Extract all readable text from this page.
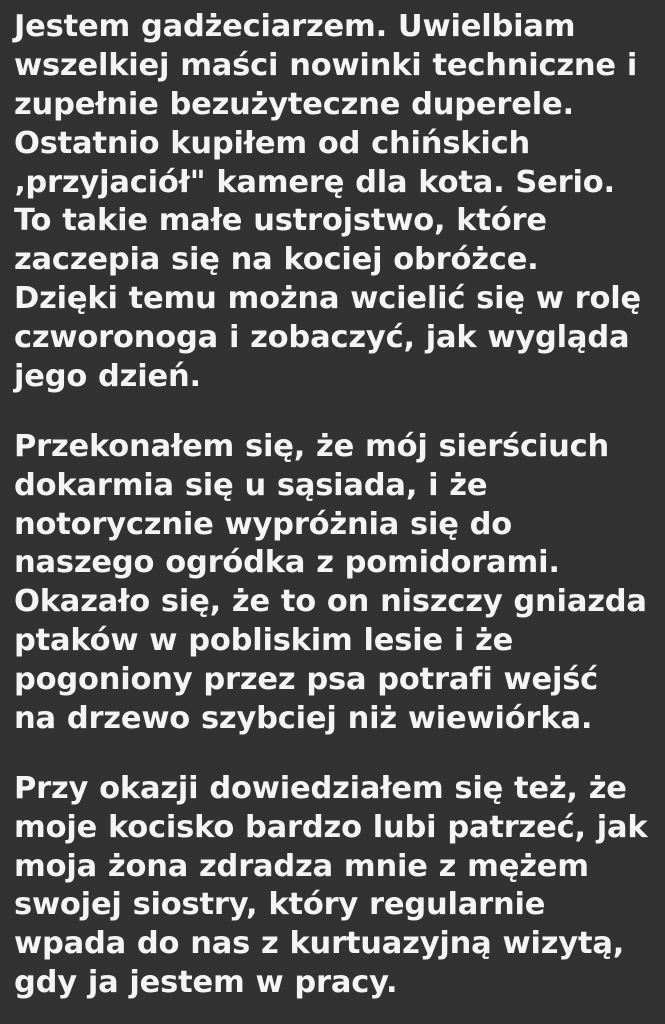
Jestem gadżeciarzem. Uwielbiam wszelkiej maści nowinki techniczne i zupełnie bezużyteczne duperele. Ostatnio kupiłem od chińskich ‚przyjaciół" kamerę dla kota. Serio. To takie małe ustrojstwo, które zaczepia się na kociej obróżce. Dzięki temu można wcielić się w rolę czworonoga i zobaczyć, jak wygląda jego dzień.

Przekonałem się, że mój sierściuch dokarmia się u sąsiada, i że notorycznie wypróżnia się do naszego ogródka z pomidorami. Okazało się, że to on niszczy gniazda ptaków w pobliskim lesie i że pogoniony przez psa potrafi wejść na drzewo szybciej niż wiewiórka.

Przy okazji dowiedziałem się też, że moje kocisko bardzo lubi patrzeć, jak moja żona zdradza mnie z mężem swojej siostry, który regularnie wpada do nas z kurtuazyjną wizytą, gdy ja jestem w pracy.
